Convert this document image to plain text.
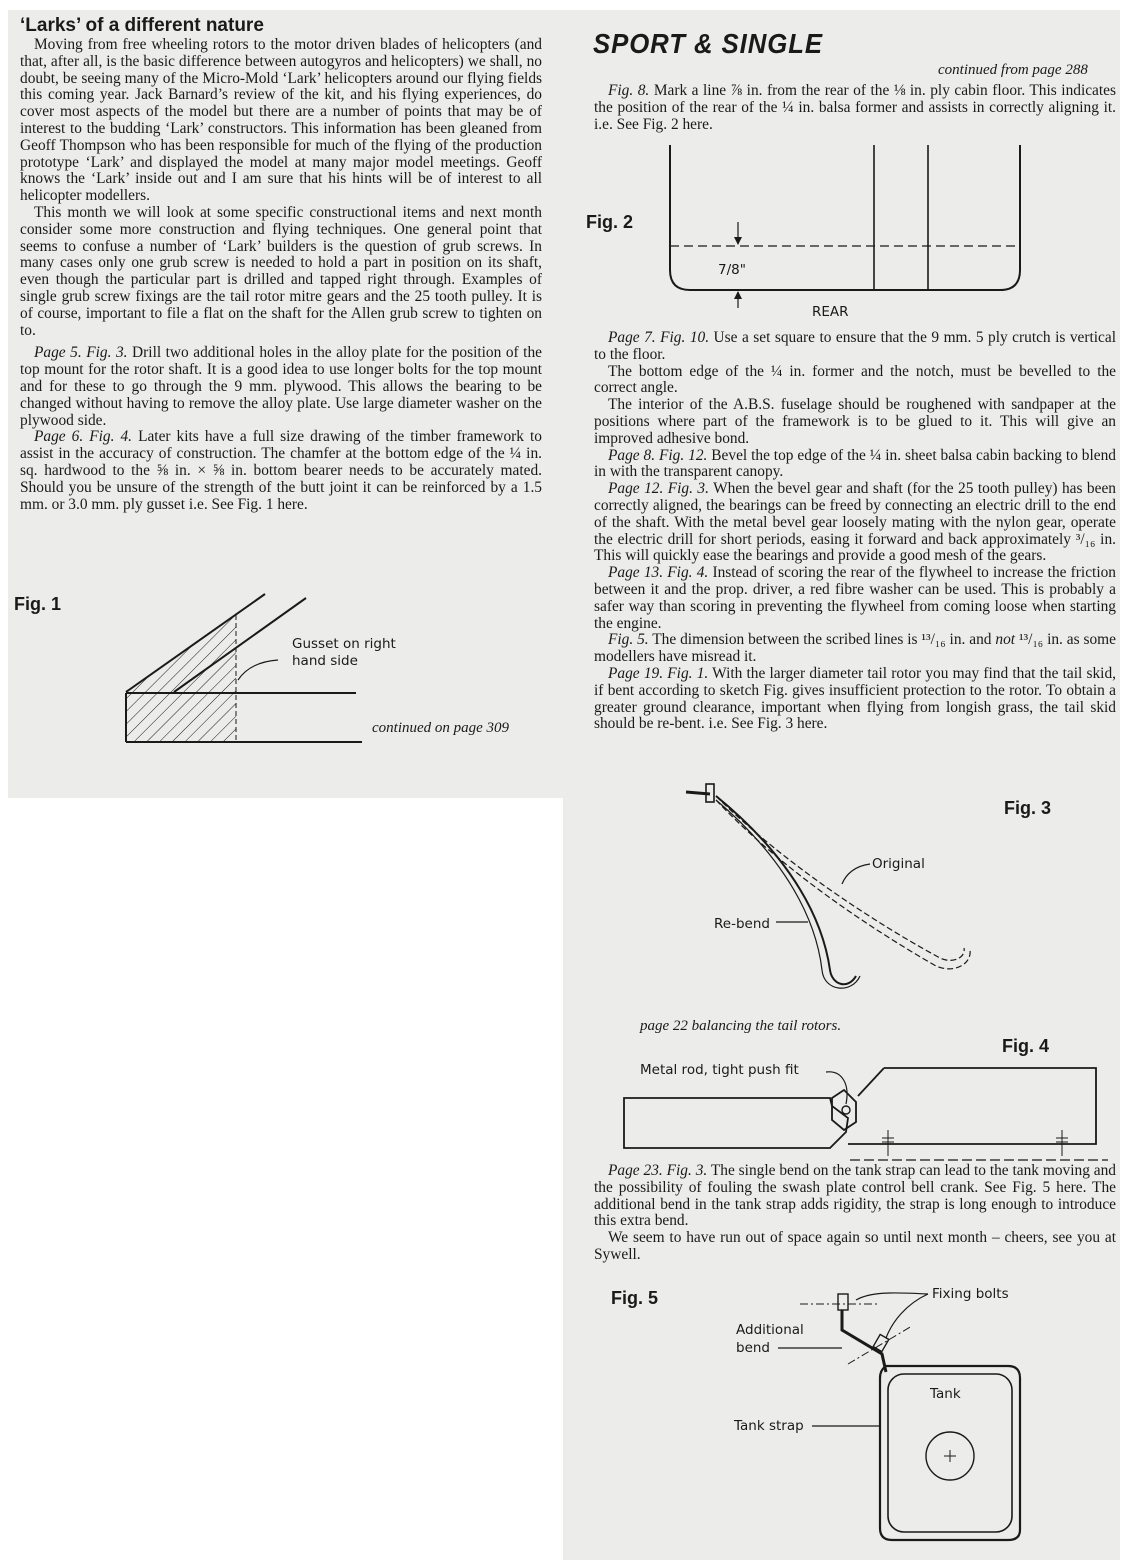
‘Larks’ of a different nature

Moving from free wheeling rotors to the motor driven blades of helicopters (and that, after all, is the basic difference between autogyros and helicopters) we shall, no doubt, be seeing many of the Micro-Mold ‘Lark’ helicopters around our flying fields this coming year. Jack Barnard’s review of the kit, and his flying experiences, do cover most aspects of the model but there are a number of points that may be of interest to the budding ‘Lark’ constructors. This information has been gleaned from Geoff Thompson who has been responsible for much of the flying of the production prototype ‘Lark’ and displayed the model at many major model meetings. Geoff knows the ‘Lark’ inside out and I am sure that his hints will be of interest to all helicopter modellers.

This month we will look at some specific constructional items and next month consider some more construction and flying techniques. One general point that seems to confuse a number of ‘Lark’ builders is the question of grub screws. In many cases only one grub screw is needed to hold a part in position on its shaft, even though the particular part is drilled and tapped right through. Examples of single grub screw fixings are the tail rotor mitre gears and the 25 tooth pulley. It is of course, important to file a flat on the shaft for the Allen grub screw to tighten on to.

Page 5. Fig. 3. Drill two additional holes in the alloy plate for the position of the top mount for the rotor shaft. It is a good idea to use longer bolts for the top mount and for these to go through the 9 mm. plywood. This allows the bearing to be changed without having to remove the alloy plate. Use large diameter washer on the plywood side.

Page 6. Fig. 4. Later kits have a full size drawing of the timber framework to assist in the accuracy of construction. The chamfer at the bottom edge of the ¼ in. sq. hardwood to the ⅝ in. × ⅝ in. bottom bearer needs to be accurately mated. Should you be unsure of the strength of the butt joint it can be reinforced by a 1.5 mm. or 3.0 mm. ply gusset i.e. See Fig. 1 here.

Fig. 1
Gusset on right
hand side
continued on page 309
SPORT & SINGLE
continued from page 288

Fig. 8. Mark a line ⅞ in. from the rear of the ⅛ in. ply cabin floor. This indicates the position of the rear of the ¼ in. balsa former and assists in correctly aligning it. i.e. See Fig. 2 here.

Fig. 2
7/8"
REAR

Page 7. Fig. 10. Use a set square to ensure that the 9 mm. 5 ply crutch is vertical to the floor.

The bottom edge of the ¼ in. former and the notch, must be bevelled to the correct angle.

The interior of the A.B.S. fuselage should be roughened with sandpaper at the positions where part of the framework is to be glued to it. This will give an improved adhesive bond.

Page 8. Fig. 12. Bevel the top edge of the ¼ in. sheet balsa cabin backing to blend in with the transparent canopy.

Page 12. Fig. 3. When the bevel gear and shaft (for the 25 tooth pulley) has been correctly aligned, the bearings can be freed by connecting an electric drill to the end of the shaft. With the metal bevel gear loosely mating with the nylon gear, operate the electric drill for short periods, easing it forward and back approximately ³/₁₆ in. This will quickly ease the bearings and provide a good mesh of the gears.

Page 13. Fig. 4. Instead of scoring the rear of the flywheel to increase the friction between it and the prop. driver, a red fibre washer can be used. This is probably a safer way than scoring in preventing the flywheel from coming loose when starting the engine.

Fig. 5. The dimension between the scribed lines is ¹³/₁₆ in. and not ¹³/₁₆ in. as some modellers have misread it.

Page 19. Fig. 1. With the larger diameter tail rotor you may find that the tail skid, if bent according to sketch Fig. gives insufficient protection to the rotor. To obtain a greater ground clearance, important when flying from longish grass, the tail skid should be re-bent. i.e. See Fig. 3 here.

Fig. 3
Original
Re-bend
page 22 balancing the tail rotors.
Fig. 4
Metal rod, tight push fit

Page 23. Fig. 3. The single bend on the tank strap can lead to the tank moving and the possibility of fouling the swash plate control bell crank. See Fig. 5 here. The additional bend in the tank strap adds rigidity, the strap is long enough to introduce this extra bend.

We seem to have run out of space again so until next month – cheers, see you at Sywell.

Fig. 5	Fixing bolts
Additional
bend
Tank
Tank strap
